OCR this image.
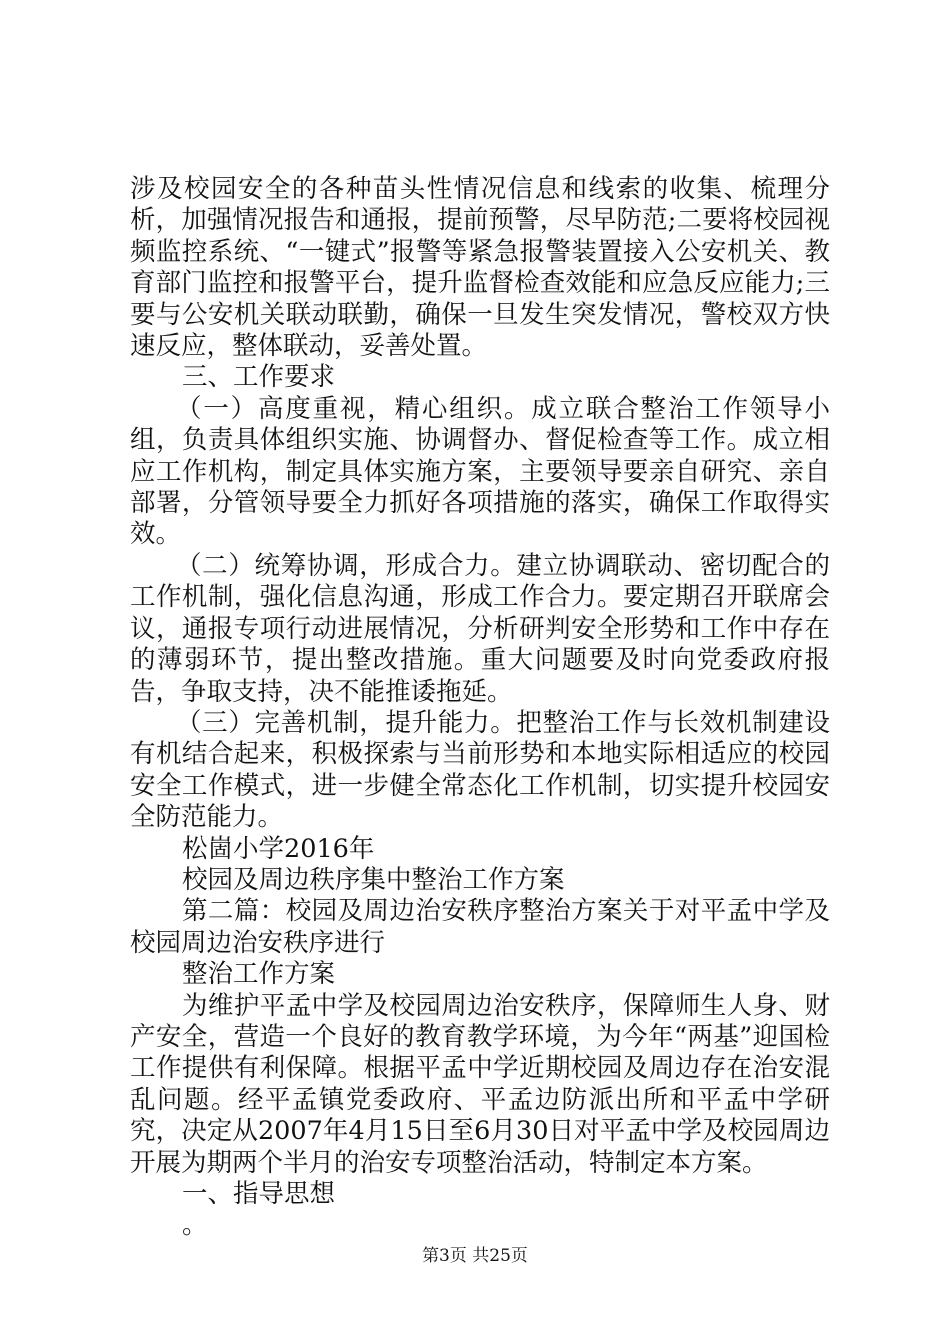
涉及校园安全的各种苗头性情况信息和线索的收集、梳理分析，加强情况报告和通报，提前预警，尽早防范;二要将校园视频监控系统、“一键式”报警等紧急报警装置接入公安机关、教育部门监控和报警平台，提升监督检查效能和应急反应能力;三要与公安机关联动联勤，确保一旦发生突发情况，警校双方快速反应，整体联动，妥善处置。

三、工作要求

（一）高度重视，精心组织。成立联合整治工作领导小组，负责具体组织实施、协调督办、督促检查等工作。成立相应工作机构，制定具体实施方案，主要领导要亲自研究、亲自部署，分管领导要全力抓好各项措施的落实，确保工作取得实效。

（二）统筹协调，形成合力。建立协调联动、密切配合的工作机制，强化信息沟通，形成工作合力。要定期召开联席会议，通报专项行动进展情况，分析研判安全形势和工作中存在的薄弱环节，提出整改措施。重大问题要及时向党委政府报告，争取支持，决不能推诿拖延。

（三）完善机制，提升能力。把整治工作与长效机制建设有机结合起来，积极探索与当前形势和本地实际相适应的校园安全工作模式，进一步健全常态化工作机制，切实提升校园安全防范能力。

松崮小学2016年

校园及周边秩序集中整治工作方案

第二篇：校园及周边治安秩序整治方案关于对平孟中学及校园周边治安秩序进行

整治工作方案

为维护平孟中学及校园周边治安秩序，保障师生人身、财产安全，营造一个良好的教育教学环境，为今年“两基”迎国检工作提供有利保障。根据平孟中学近期校园及周边存在治安混乱问题。经平孟镇党委政府、平孟边防派出所和平孟中学研究，决定从2007年4月15日至6月30日对平孟中学及校园周边开展为期两个半月的治安专项整治活动，特制定本方案。

一、指导思想

。

第3页 共25页
